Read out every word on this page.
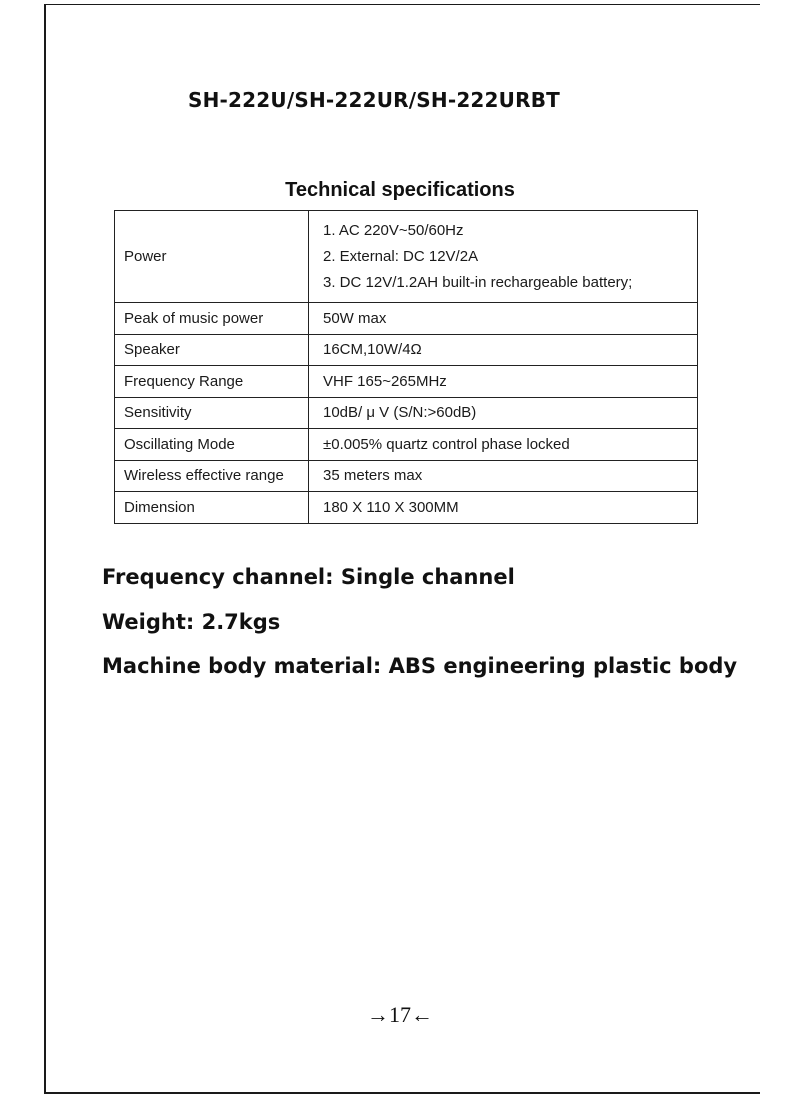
SH-222U/SH-222UR/SH-222URBT
Technical specifications
Power	1. AC 220V~50/60Hz
2. External: DC 12V/2A
3. DC 12V/1.2AH built-in rechargeable battery;

Peak of music power	50W max
Speaker	16CM,10W/4Ω
Frequency Range	VHF 165~265MHz
Sensitivity	10dB/ μ V (S/N:>60dB)
Oscillating Mode	±0.005% quartz control phase locked
Wireless effective range	35 meters max
Dimension	180 X 110 X 300MM
Frequency channel: Single channel
Weight: 2.7kgs
Machine body material: ABS engineering plastic body
→17←
